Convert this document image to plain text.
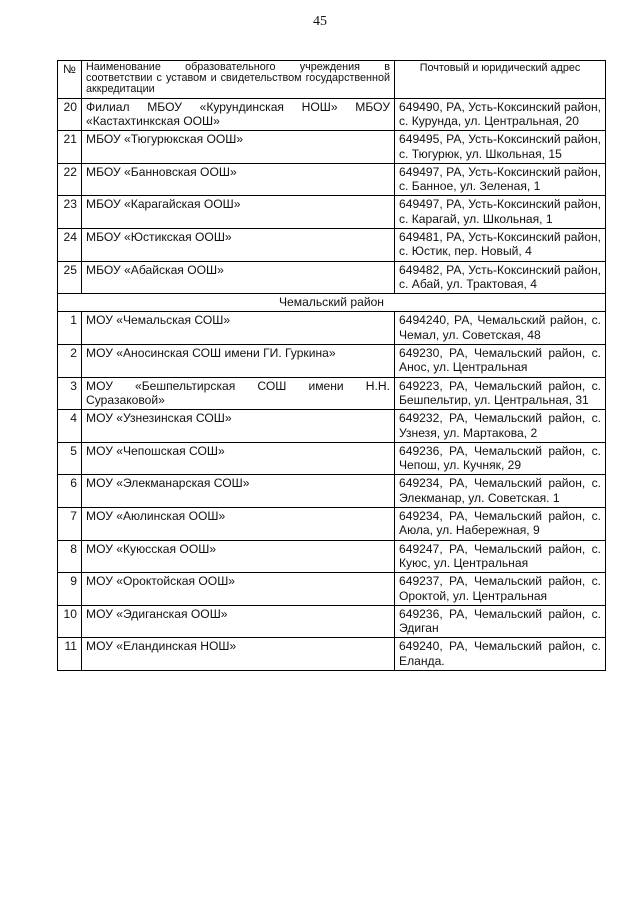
45
№	Наименование образовательного учреждения в соответствии с уставом и свидетельством государственной аккредитации	Почтовый и юридический адрес
20	Филиал МБОУ «Курундинская НОШ» МБОУ «Кастахтинкская ООШ»	649490, РА, Усть-Коксинский район, с. Курунда, ул. Центральная, 20
21	МБОУ «Тюгурюкская ООШ»	649495, РА, Усть-Коксинский район, с. Тюгурюк, ул. Школьная, 15
22	МБОУ «Банновская ООШ»	649497, РА, Усть-Коксинский район, с. Банное, ул. Зеленая, 1
23	МБОУ «Карагайская ООШ»	649497, РА, Усть-Коксинский район, с. Карагай, ул. Школьная, 1
24	МБОУ «Юстикская ООШ»	649481, РА, Усть-Коксинский район, с. Юстик, пер. Новый, 4
25	МБОУ «Абайская ООШ»	649482, РА, Усть-Коксинский район, с. Абай, ул. Трактовая, 4
Чемальский район		
1	МОУ «Чемальская СОШ»	6494240, РА, Чемальский район, с. Чемал, ул. Советская, 48
2	МОУ «Аносинская СОШ имени ГИ. Гуркина»	649230, РА, Чемальский район, с. Анос, ул. Центральная
3	МОУ «Бешпельтирская СОШ имени Н.Н. Суразаковой»	649223, РА, Чемальский район, с. Бешпельтир, ул. Центральная, 31
4	МОУ «Узнезинская СОШ»	649232, РА, Чемальский район, с. Узнезя, ул. Мартакова, 2
5	МОУ «Чепошская СОШ»	649236, РА, Чемальский район, с. Чепош, ул. Кучняк, 29
6	МОУ «Элекманарская СОШ»	649234, РА, Чемальский район, с. Элекманар, ул. Советская. 1
7	МОУ «Аюлинская ООШ»	649234, РА, Чемальский район, с. Аюла, ул. Набережная, 9
8	МОУ «Куюсская ООШ»	649247, РА, Чемальский район, с. Куюс, ул. Центральная
9	МОУ «Ороктойская ООШ»	649237, РА, Чемальский район, с. Ороктой, ул. Центральная
10	МОУ «Эдиганская ООШ»	649236, РА, Чемальский район, с. Эдиган
11	МОУ «Еландинская НОШ»	649240, РА, Чемальский район, с. Еланда.
